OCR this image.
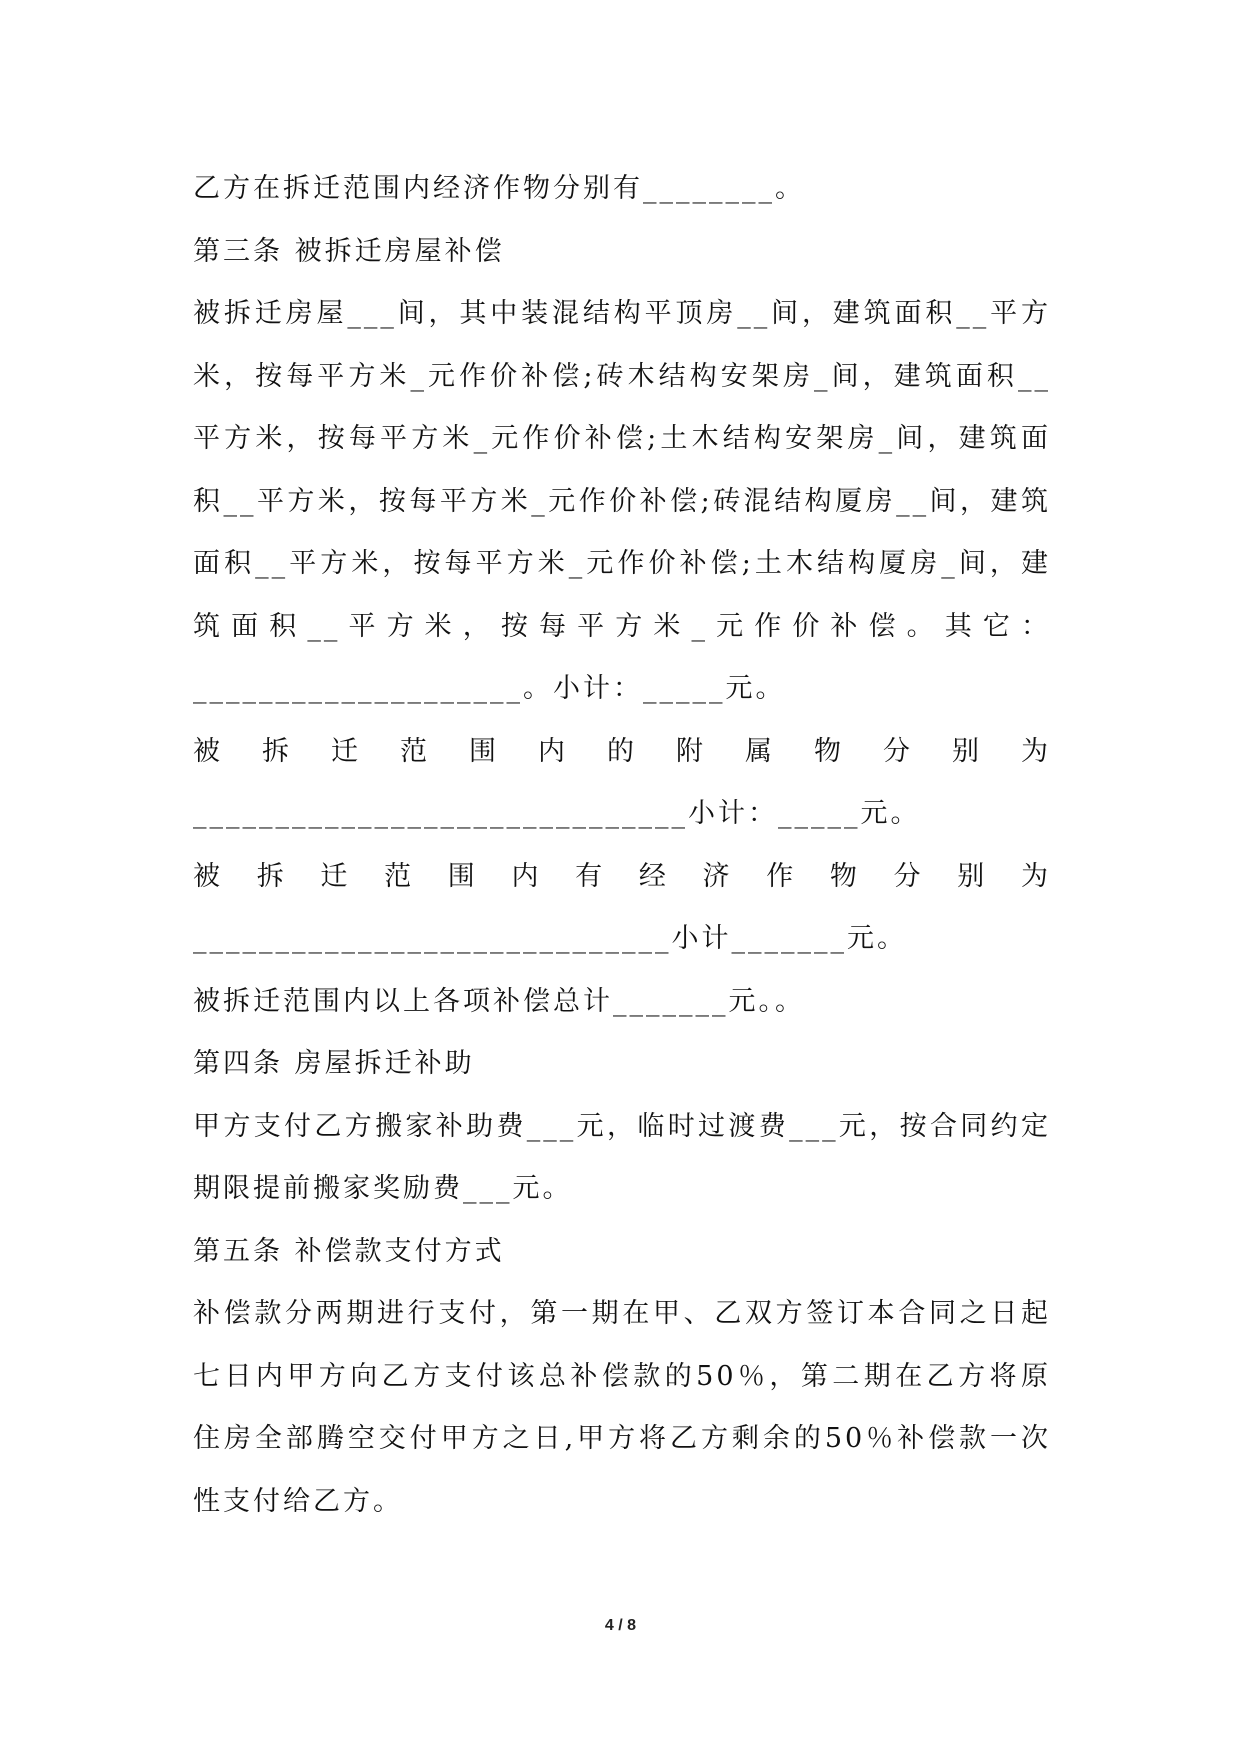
乙方在拆迁范围内经济作物分别有________。
第三条 被拆迁房屋补偿
被拆迁房屋___间，其中装混结构平顶房__间，建筑面积__平方
米，按每平方米_元作价补偿;砖木结构安架房_间，建筑面积__
平方米，按每平方米_元作价补偿;土木结构安架房_间，建筑面
积__平方米，按每平方米_元作价补偿;砖混结构厦房__间，建筑
面积__平方米，按每平方米_元作价补偿;土木结构厦房_间，建
筑面积__平方米，按每平方米_元作价补偿。其它：
____________________。小计：_____元。
被拆迁范围内的附属物分别为
______________________________小计：_____元。
被拆迁范围内有经济作物分别为
_____________________________小计_______元。
被拆迁范围内以上各项补偿总计_______元。。
第四条 房屋拆迁补助
甲方支付乙方搬家补助费___元，临时过渡费___元，按合同约定
期限提前搬家奖励费___元。
第五条 补偿款支付方式
补偿款分两期进行支付，第一期在甲、乙双方签订本合同之日起
七日内甲方向乙方支付该总补偿款的50％，第二期在乙方将原
住房全部腾空交付甲方之日,甲方将乙方剩余的50％补偿款一次
性支付给乙方。
4 / 8
